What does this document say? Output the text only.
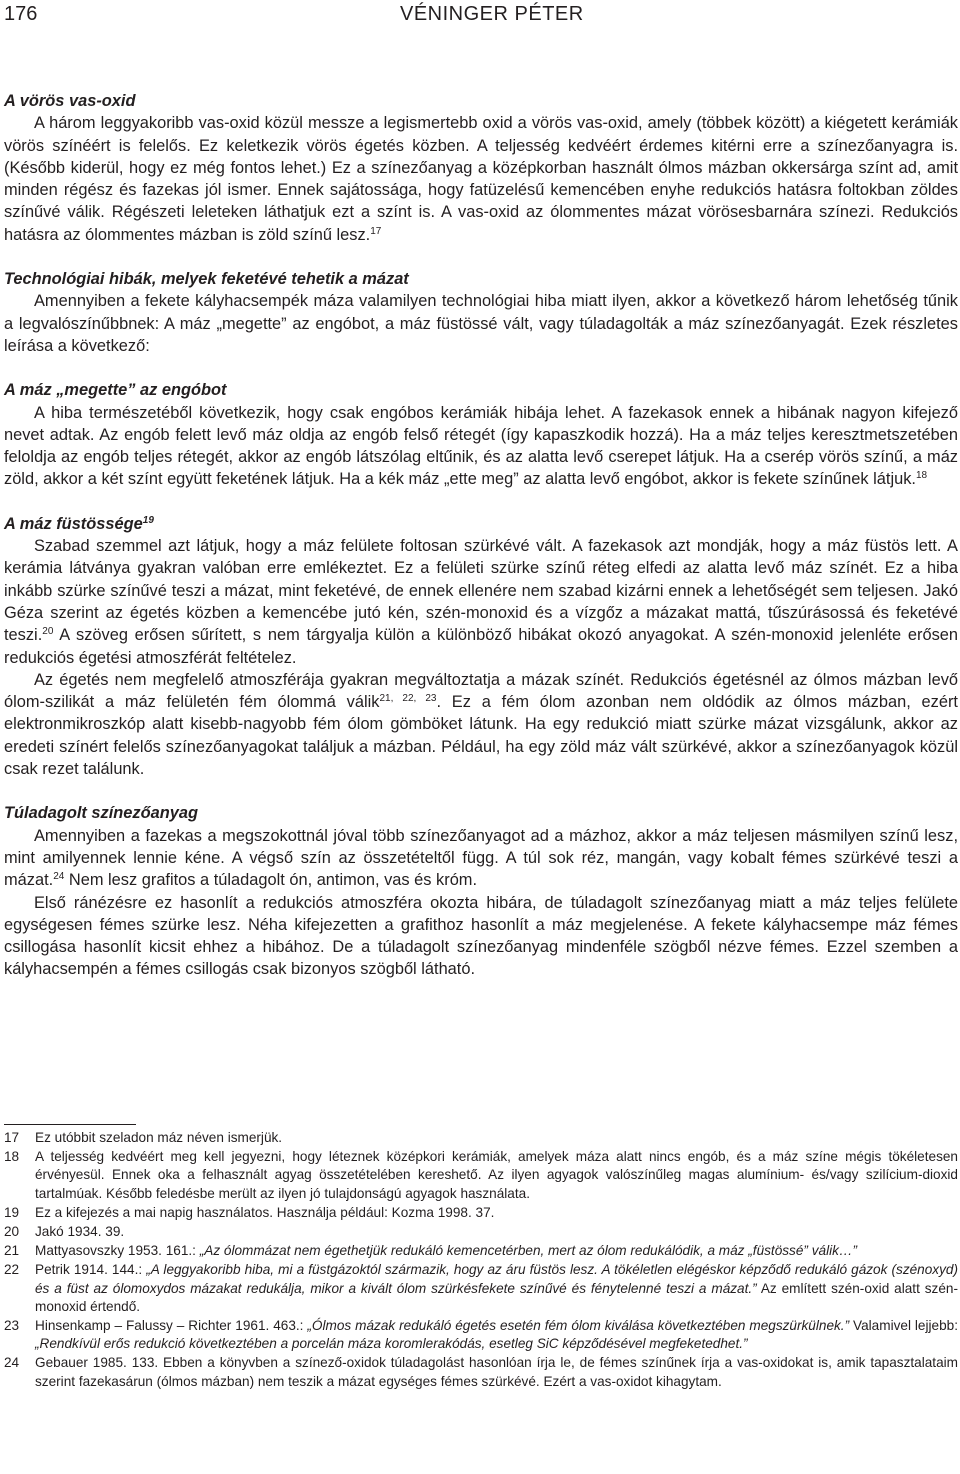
176	VÉNINGER PÉTER
A vörös vas-oxid

A három leggyakoribb vas-oxid közül messze a legismertebb oxid a vörös vas-oxid, amely (többek között) a kiégetett kerámiák vörös színéért is felelős. Ez keletkezik vörös égetés közben. A teljesség kedvéért érdemes kitérni erre a színezőanyagra is. (Később kiderül, hogy ez még fontos lehet.) Ez a színezőanyag a középkorban használt ólmos mázban okkersárga színt ad, amit minden régész és fazekas jól ismer. Ennek sajátossága, hogy fatüzelésű kemencében enyhe redukciós hatásra foltokban zöldes színűvé válik. Régészeti leleteken láthatjuk ezt a színt is. A vas-oxid az ólommentes mázat vörösesbarnára színezi. Redukciós hatásra az ólommentes mázban is zöld színű lesz.$^{17}$

Technológiai hibák, melyek feketévé tehetik a mázat

Amennyiben a fekete kályhacsempék máza valamilyen technológiai hiba miatt ilyen, akkor a következő három lehetőség tűnik a legvalószínűbbnek: A máz „megette” az engóbot, a máz füstössé vált, vagy túladagolták a máz színezőanyagát. Ezek részletes leírása a következő:

A máz „megette” az engóbot

A hiba természetéből következik, hogy csak engóbos kerámiák hibája lehet. A fazekasok ennek a hibának nagyon kifejező nevet adtak. Az engób felett levő máz oldja az engób felső rétegét (így kapaszkodik hozzá). Ha a máz teljes keresztmetszetében feloldja az engób teljes rétegét, akkor az engób látszólag eltűnik, és az alatta levő cserepet látjuk. Ha a cserép vörös színű, a máz zöld, akkor a két színt együtt feketének látjuk. Ha a kék máz „ette meg” az alatta levő engóbot, akkor is fekete színűnek látjuk.$^{18}$

A máz füstössége$^{19}$

Szabad szemmel azt látjuk, hogy a máz felülete foltosan szürkévé vált. A fazekasok azt mondják, hogy a máz füstös lett. A kerámia látványa gyakran valóban erre emlékeztet. Ez a felületi szürke színű réteg elfedi az alatta levő máz színét. Ez a hiba inkább szürke színűvé teszi a mázat, mint feketévé, de ennek ellenére nem szabad kizárni ennek a lehetőségét sem teljesen. Jakó Géza szerint az égetés közben a kemencébe jutó kén, szén-monoxid és a vízgőz a mázakat mattá, tűszúrásossá és feketévé teszi.$^{20}$ A szöveg erősen sűrített, s nem tárgyalja külön a különböző hibákat okozó anyagokat. A szén-monoxid jelenléte erősen redukciós égetési atmoszférát feltételez.

Az égetés nem megfelelő atmoszférája gyakran megváltoztatja a mázak színét. Redukciós égetésnél az ólmos mázban levő ólom-szilikát a máz felületén fém ólommá válik$^{21, 22, 23}$. Ez a fém ólom azonban nem oldódik az ólmos mázban, ezért elektronmikroszkóp alatt kisebb-nagyobb fém ólom gömböket látunk. Ha egy redukció miatt szürke mázat vizsgálunk, akkor az eredeti színért felelős színezőanyagokat találjuk a mázban. Például, ha egy zöld máz vált szürkévé, akkor a színezőanyagok közül csak rezet találunk.

Túladagolt színezőanyag

Amennyiben a fazekas a megszokottnál jóval több színezőanyagot ad a mázhoz, akkor a máz teljesen másmilyen színű lesz, mint amilyennek lennie kéne. A végső szín az összetételtől függ. A túl sok réz, mangán, vagy kobalt fémes szürkévé teszi a mázat.$^{24}$ Nem lesz grafitos a túladagolt ón, antimon, vas és króm.

Első ránézésre ez hasonlít a redukciós atmoszféra okozta hibára, de túladagolt színezőanyag miatt a máz teljes felülete egységesen fémes szürke lesz. Néha kifejezetten a grafithoz hasonlít a máz megjelenése. A fekete kályhacsempe máz fémes csillogása hasonlít kicsit ehhez a hibához. De a túladagolt színezőanyag mindenféle szögből nézve fémes. Ezzel szemben a kályhacsempén a fémes csillogás csak bizonyos szögből látható.

17	Ez utóbbit szeladon máz néven ismerjük.
18	A teljesség kedvéért meg kell jegyezni, hogy léteznek középkori kerámiák, amelyek máza alatt nincs engób, és a máz színe mégis tökéletesen érvényesül. Ennek oka a felhasznált agyag összetételében kereshető. Az ilyen agyagok valószínűleg magas alumínium- és/vagy szilícium-dioxid tartalmúak. Később feledésbe merült az ilyen jó tulajdonságú agyagok használata.
19	Ez a kifejezés a mai napig használatos. Használja például: Kozma 1998. 37.
20	Jakó 1934. 39.
21	Mattyasovszky 1953. 161.: „Az ólommázat nem égethetjük redukáló kemencetérben, mert az ólom redukálódik, a máz „füstössé” válik…”
22	Petrik 1914. 144.: „A leggyakoribb hiba, mi a füstgázoktól származik, hogy az áru füstös lesz. A tökéletlen elégéskor képződő redukáló gázok (szénoxyd) és a füst az ólomoxydos mázakat redukálja, mikor a kivált ólom szürkésfekete színűvé és fénytelenné teszi a mázat.” Az említett szén-oxid alatt szén-monoxid értendő.
23	Hinsenkamp – Falussy – Richter 1961. 463.: „Ólmos mázak redukáló égetés esetén fém ólom kiválása következtében megszürkülnek.” Valamivel lejjebb: „Rendkívül erős redukció következtében a porcelán máza koromlerakódás, esetleg SiC képződésével megfeketedhet.”
24	Gebauer 1985. 133. Ebben a könyvben a színező-oxidok túladagolást hasonlóan írja le, de fémes színűnek írja a vas-oxidokat is, amik tapasztalataim szerint fazekasárun (ólmos mázban) nem teszik a mázat egységes fémes szürkévé. Ezért a vas-oxidot kihagytam.
